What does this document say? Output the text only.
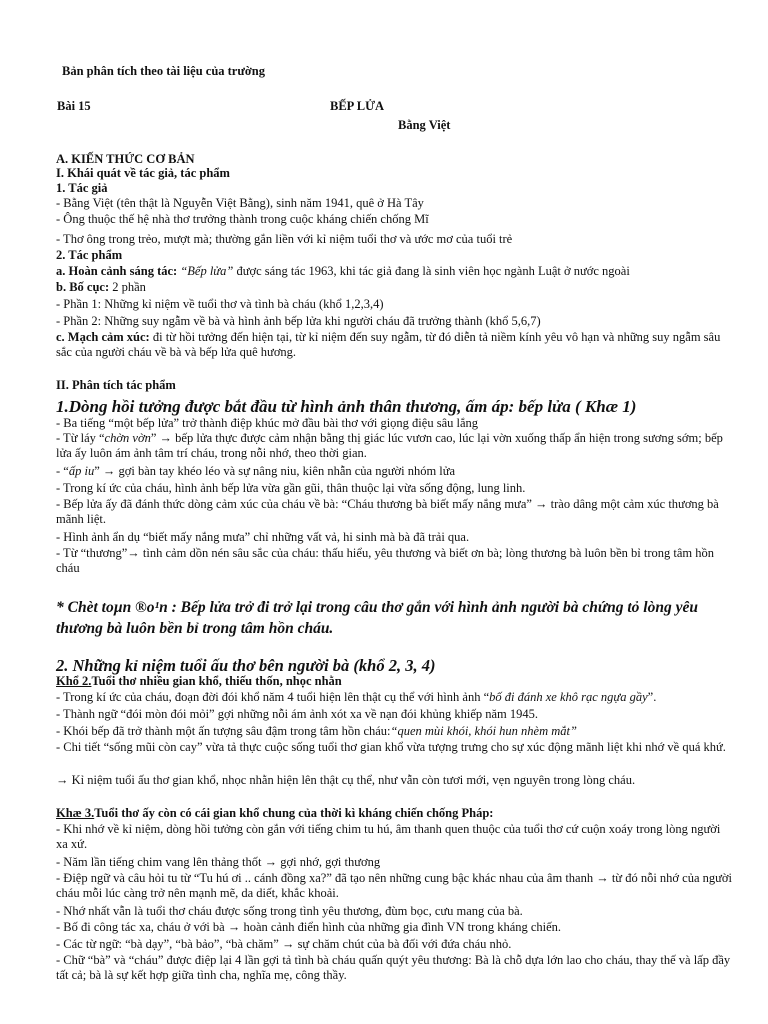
Bản phân tích theo tài liệu của trường
Bài 15	BẾP LỬA
Bằng Việt
A. KIẾN THỨC CƠ BẢN
I. Khái quát về tác giả, tác phẩm
1. Tác giả
- Bằng Việt (tên thật là Nguyễn Việt Bằng), sinh năm 1941, quê ở Hà Tây
- Ông thuộc thế hệ nhà thơ trưởng thành trong cuộc kháng chiến chống Mĩ
- Thơ ông trong trẻo, mượt mà; thường gắn liền với kỉ niệm tuổi thơ và ước mơ của tuổi trẻ
2. Tác phẩm
a. Hoàn cảnh sáng tác: “Bếp lửa” được sáng tác 1963, khi tác giả đang là sinh viên học ngành Luật ở nước ngoài
b. Bố cục: 2 phần
- Phần 1: Những kỉ niệm về tuổi thơ và tình bà cháu (khổ 1,2,3,4)
- Phần 2: Những suy ngẫm về bà và hình ảnh bếp lửa khi người cháu đã trưởng thành (khổ 5,6,7)
c. Mạch cảm xúc: đi từ hồi tưởng đến hiện tại, từ kỉ niệm đến suy ngẫm, từ đó diễn tả niềm kính yêu vô hạn và những suy ngẫm sâu sắc của người cháu về bà và bếp lửa quê hương.
II. Phân tích tác phẩm
1.Dòng hồi tưởng được bắt đầu từ hình ảnh thân thương, ấm áp: bếp lửa ( Khæ 1)
- Ba tiếng “một bếp lửa” trở thành điệp khúc mở đầu bài thơ với giọng điệu sâu lắng
- Từ láy “chờn vờn” → bếp lửa thực được cảm nhận bằng thị giác lúc vươn cao, lúc lại vờn xuống thấp ẩn hiện trong sương sớm; bếp lửa ấy luôn ám ảnh tâm trí cháu, trong nỗi nhớ, theo thời gian.
- “ấp iu” → gợi bàn tay khéo léo và sự nâng niu, kiên nhẫn của người nhóm lửa
- Trong kí ức của cháu, hình ảnh bếp lửa vừa gần gũi, thân thuộc lại vừa sống động, lung linh.
- Bếp lửa ấy đã đánh thức dòng cảm xúc của cháu về bà: “Cháu thương bà biết mấy nắng mưa” → trào dâng một cảm xúc thương bà mãnh liệt.
- Hình ảnh ẩn dụ “biết mấy nắng mưa” chỉ những vất vả, hi sinh mà bà đã trải qua.
- Từ “thương”→ tình cảm dồn nén sâu sắc của cháu: thấu hiểu, yêu thương và biết ơn bà; lòng thương bà luôn bền bỉ trong tâm hồn cháu
* Chèt toµn ®o¹n : Bếp lửa trở đi trở lại trong câu thơ gắn với hình ảnh người bà chứng tỏ lòng yêu thương bà luôn bền bỉ trong tâm hồn cháu.
2. Những kỉ niệm tuổi ấu thơ bên người bà (khổ 2, 3, 4)
Khổ 2.Tuổi thơ nhiều gian khổ, thiếu thốn, nhọc nhằn
- Trong kí ức của cháu, đoạn đời đói khổ năm 4 tuổi hiện lên thật cụ thể với hình ảnh “bố đi đánh xe khô rạc ngựa gầy”.
- Thành ngữ “đói mòn đói mỏi” gợi những nỗi ám ảnh xót xa về nạn đói khủng khiếp năm 1945.
- Khói bếp đã trở thành một ấn tượng sâu đậm trong tâm hồn cháu:“quen mùi khói, khói hun nhèm mắt”
- Chi tiết “sống mũi còn cay” vừa tả thực cuộc sống tuổi thơ gian khổ vừa tượng trưng cho sự xúc động mãnh liệt khi nhớ về quá khứ.
→ Kỉ niệm tuổi ấu thơ gian khổ, nhọc nhằn hiện lên thật cụ thể, như vẫn còn tươi mới, vẹn nguyên trong lòng cháu.
Khæ 3.Tuổi thơ ấy còn có cái gian khổ chung của thời kì kháng chiến chống Pháp:
- Khi nhớ về kỉ niệm, dòng hồi tưởng còn gắn với tiếng chim tu hú, âm thanh quen thuộc của tuổi thơ cứ cuộn xoáy trong lòng người xa xứ.
- Năm lần tiếng chim vang lên thảng thốt → gợi nhớ, gợi thương
- Điệp ngữ và câu hỏi tu từ “Tu hú ơi .. cánh đồng xa?” đã tạo nên những cung bậc khác nhau của âm thanh → từ đó nỗi nhớ của người cháu mỗi lúc càng trở nên mạnh mẽ, da diết, khắc khoải.
- Nhớ nhất vẫn là tuổi thơ cháu được sống trong tình yêu thương, đùm bọc, cưu mang của bà.
- Bố đi công tác xa, cháu ở với bà → hoàn cảnh điển hình của những gia đình VN trong kháng chiến.
- Các từ ngữ: “bà dạy”, “bà bảo”, “bà chăm” → sự chăm chút của bà đối với đứa cháu nhỏ.
- Chữ “bà” và “cháu” được điệp lại 4 lần gợi tả tình bà cháu quấn quýt yêu thương: Bà là chỗ dựa lớn lao cho cháu, thay thế và lấp đầy tất cả; bà là sự kết hợp giữa tình cha, nghĩa mẹ, công thầy.
